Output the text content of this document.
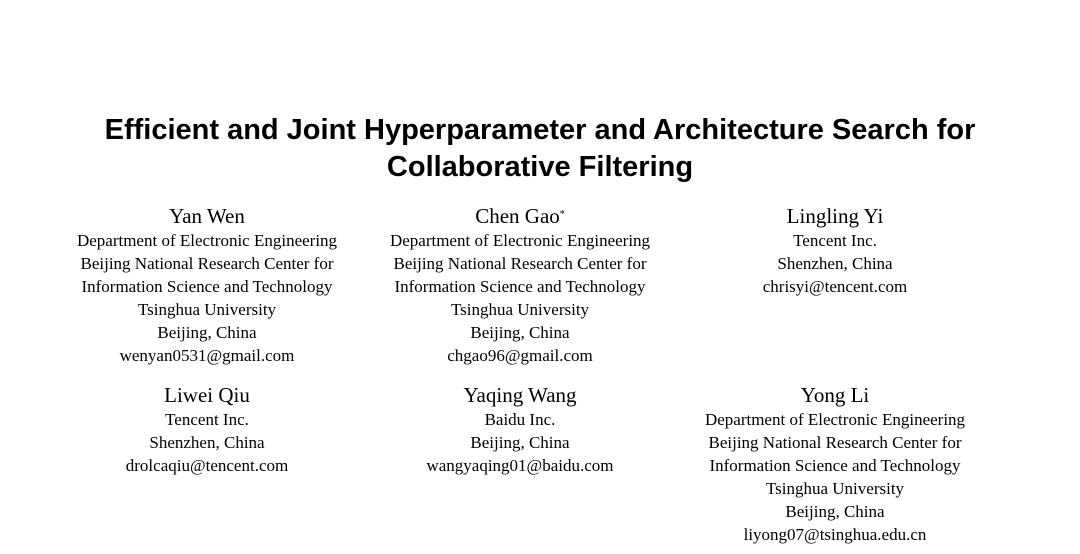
Efficient and Joint Hyperparameter and Architecture Search for
Collaborative Filtering
Yan Wen
Department of Electronic Engineering
Beijing National Research Center for
Information Science and Technology
Tsinghua University
Beijing, China
wenyan0531@gmail.com
Chen Gao*
Department of Electronic Engineering
Beijing National Research Center for
Information Science and Technology
Tsinghua University
Beijing, China
chgao96@gmail.com
Lingling Yi
Tencent Inc.
Shenzhen, China
chrisyi@tencent.com
Liwei Qiu
Tencent Inc.
Shenzhen, China
drolcaqiu@tencent.com
Yaqing Wang
Baidu Inc.
Beijing, China
wangyaqing01@baidu.com
Yong Li
Department of Electronic Engineering
Beijing National Research Center for
Information Science and Technology
Tsinghua University
Beijing, China
liyong07@tsinghua.edu.cn
